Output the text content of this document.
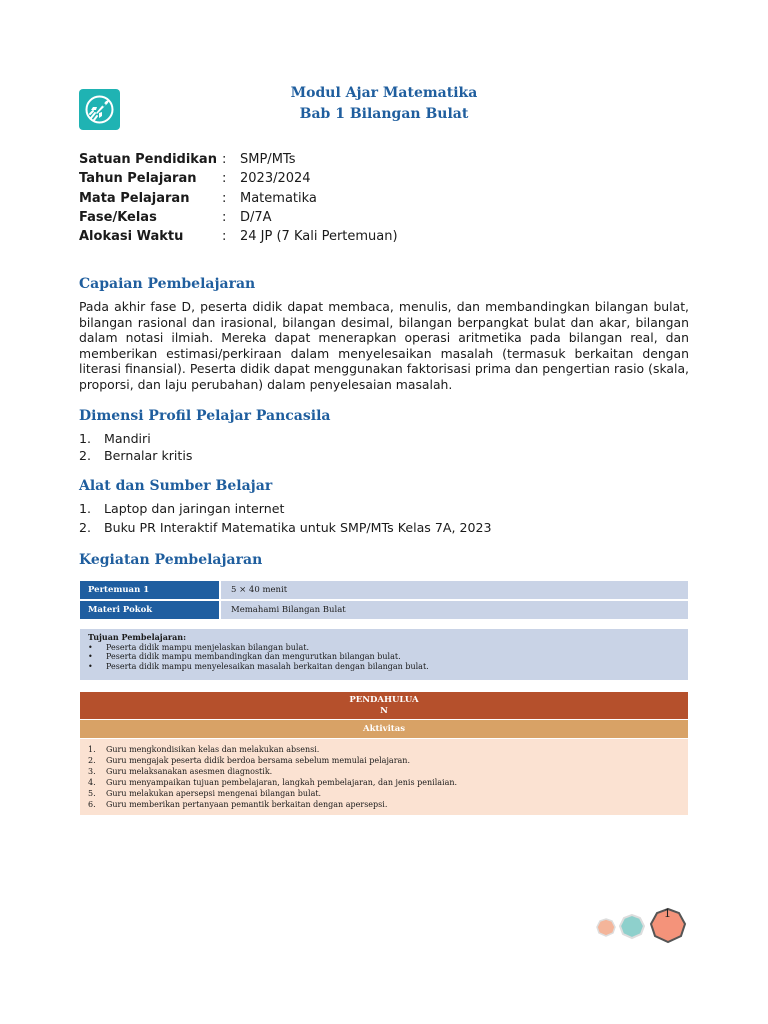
Modul Ajar Matematika
Bab 1 Bilangan Bulat
Satuan Pendidikan : SMP/MTs
Tahun Pelajaran : 2023/2024
Mata Pelajaran	: Matematika
Fase/Kelas	: D/7A
Alokasi Waktu	: 24 JP (7 Kali Pertemuan)
Capaian Pembelajaran
Pada akhir fase D, peserta didik dapat membaca, menulis, dan membandingkan bilangan bulat,
bilangan rasional dan irasional, bilangan desimal, bilangan berpangkat bulat dan akar, bilangan
dalam notasi ilmiah. Mereka dapat menerapkan operasi aritmetika pada bilangan real, dan
memberikan estimasi/perkiraan dalam menyelesaikan masalah (termasuk berkaitan dengan
literasi finansial). Peserta didik dapat menggunakan faktorisasi prima dan pengertian rasio (skala,
proporsi, dan laju perubahan) dalam penyelesaian masalah.
Dimensi Profil Pelajar Pancasila
1. Mandiri
2. Bernalar kritis
Alat dan Sumber Belajar
1. Laptop dan jaringan internet
2. Buku PR Interaktif Matematika untuk SMP/MTs Kelas 7A, 2023
Kegiatan Pembelajaran
Pertemuan 1	5 × 40 menit
Materi Pokok	Memahami Bilangan Bulat
Tujuan Pembelajaran:
• Peserta didik mampu menjelaskan bilangan bulat.
• Peserta didik mampu membandingkan dan mengurutkan bilangan bulat.
• Peserta didik mampu menyelesaikan masalah berkaitan dengan bilangan bulat.
PENDAHULUA
N
Aktivitas
1. Guru mengkondisikan kelas dan melakukan absensi.
2. Guru mengajak peserta didik berdoa bersama sebelum memulai pelajaran.
3. Guru melaksanakan asesmen diagnostik.
4. Guru menyampaikan tujuan pembelajaran, langkah pembelajaran, dan jenis penilaian.
5. Guru melakukan apersepsi mengenai bilangan bulat.
6. Guru memberikan pertanyaan pemantik berkaitan dengan apersepsi.
1
